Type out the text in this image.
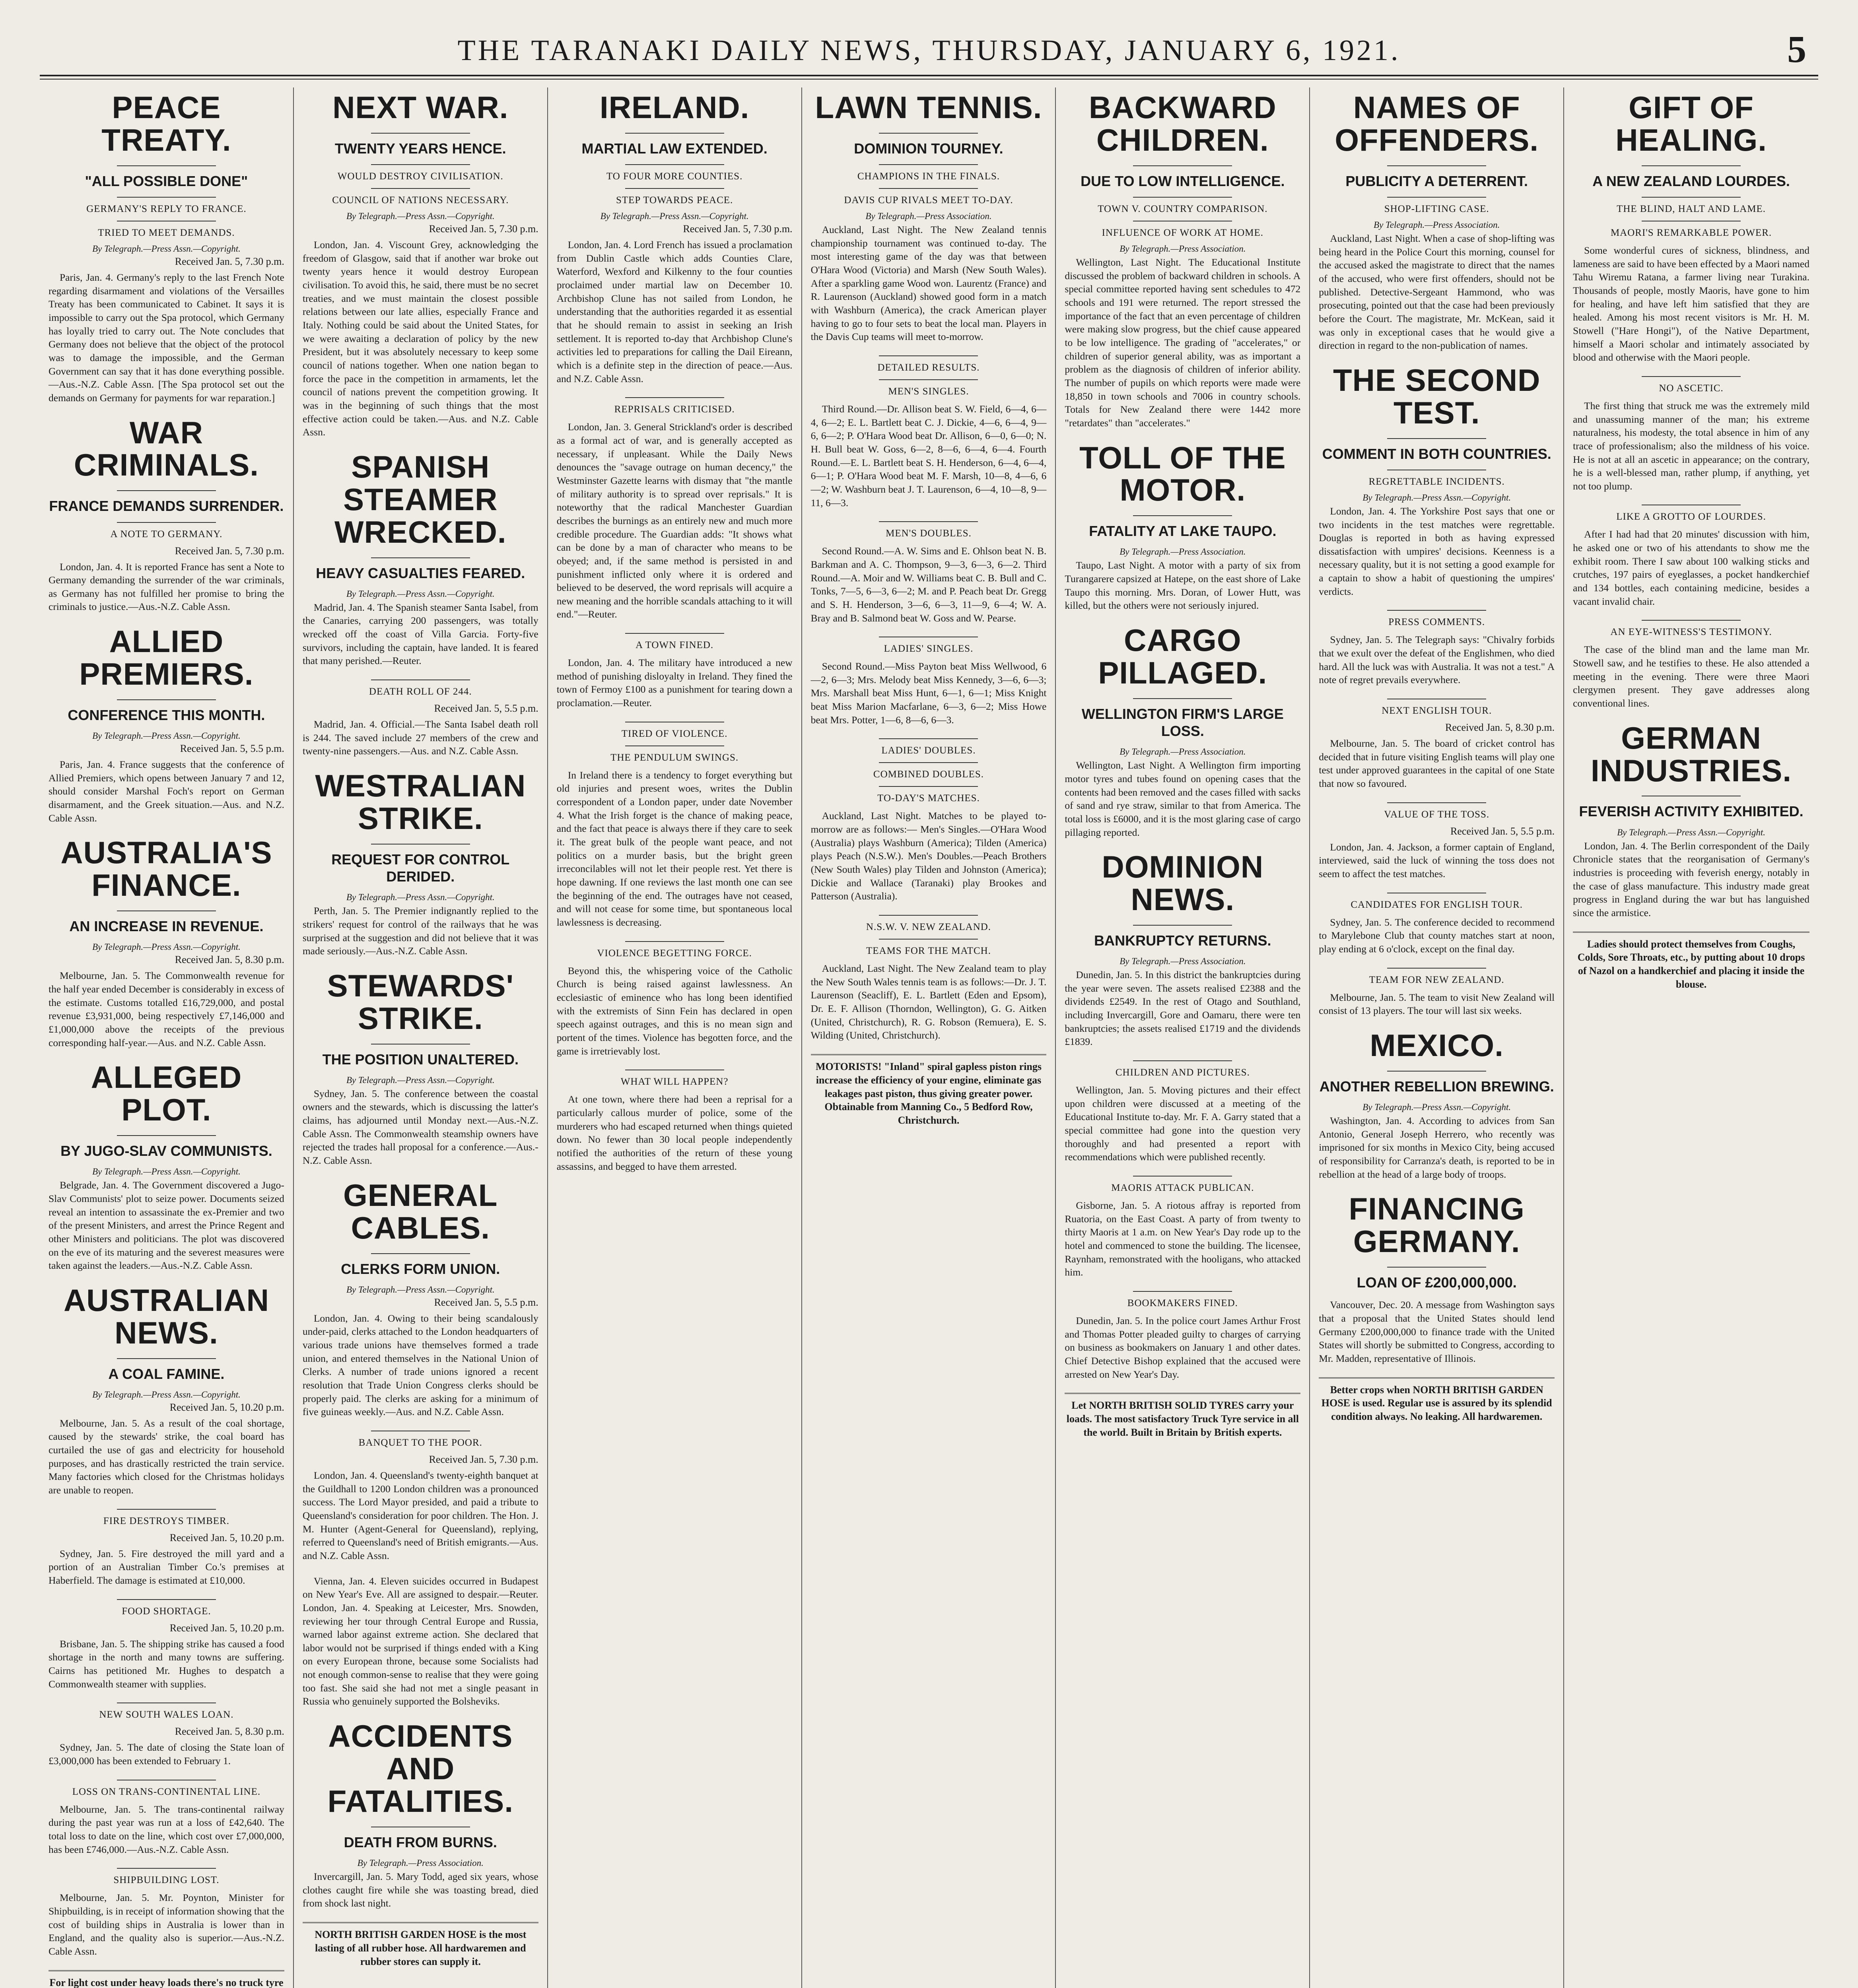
THE TARANAKI DAILY NEWS, THURSDAY, JANUARY 6, 1921.	5
PEACE TREATY.
"ALL POSSIBLE DONE"
GERMANY'S REPLY TO FRANCE.
TRIED TO MEET DEMANDS.
By Telegraph.—Press Assn.—Copyright.
Received Jan. 5, 7.30 p.m.
Paris, Jan. 4. Germany's reply to the last French Note regarding disarmament and violations of the Versailles Treaty has been communicated to Cabinet. It says it is impossible to carry out the Spa protocol, which Germany has loyally tried to carry out. The Note concludes that Germany does not believe that the object of the protocol was to damage the impossible, and the German Government can say that it has done everything possible.—Aus.-N.Z. Cable Assn. [The Spa protocol set out the demands on Germany for payments for war reparation.]
WAR CRIMINALS.
FRANCE DEMANDS SURRENDER.
A NOTE TO GERMANY.
Received Jan. 5, 7.30 p.m.
London, Jan. 4. It is reported France has sent a Note to Germany demanding the surrender of the war criminals, as Germany has not fulfilled her promise to bring the criminals to justice.—Aus.-N.Z. Cable Assn.
ALLIED PREMIERS.
CONFERENCE THIS MONTH.
By Telegraph.—Press Assn.—Copyright.
Received Jan. 5, 5.5 p.m.
Paris, Jan. 4. France suggests that the conference of Allied Premiers, which opens between January 7 and 12, should consider Marshal Foch's report on German disarmament, and the Greek situation.—Aus. and N.Z. Cable Assn.
AUSTRALIA'S FINANCE.
AN INCREASE IN REVENUE.
By Telegraph.—Press Assn.—Copyright.
Received Jan. 5, 8.30 p.m.
Melbourne, Jan. 5. The Commonwealth revenue for the half year ended December is considerably in excess of the estimate. Customs totalled £16,729,000, and postal revenue £3,931,000, being respectively £7,146,000 and £1,000,000 above the receipts of the previous corresponding half-year.—Aus. and N.Z. Cable Assn.
ALLEGED PLOT.
BY JUGO-SLAV COMMUNISTS.
By Telegraph.—Press Assn.—Copyright.
Belgrade, Jan. 4. The Government discovered a Jugo-Slav Communists' plot to seize power. Documents seized reveal an intention to assassinate the ex-Premier and two of the present Ministers, and arrest the Prince Regent and other Ministers and politicians. The plot was discovered on the eve of its maturing and the severest measures were taken against the leaders.—Aus.-N.Z. Cable Assn.
AUSTRALIAN NEWS.
A COAL FAMINE.
By Telegraph.—Press Assn.—Copyright.
Received Jan. 5, 10.20 p.m.
Melbourne, Jan. 5. As a result of the coal shortage, caused by the stewards' strike, the coal board has curtailed the use of gas and electricity for household purposes, and has drastically restricted the train service. Many factories which closed for the Christmas holidays are unable to reopen.
FIRE DESTROYS TIMBER.
Received Jan. 5, 10.20 p.m.
Sydney, Jan. 5. Fire destroyed the mill yard and a portion of an Australian Timber Co.'s premises at Haberfield. The damage is estimated at £10,000.
FOOD SHORTAGE.
Received Jan. 5, 10.20 p.m.
Brisbane, Jan. 5. The shipping strike has caused a food shortage in the north and many towns are suffering. Cairns has petitioned Mr. Hughes to despatch a Commonwealth steamer with supplies.
NEW SOUTH WALES LOAN.
Received Jan. 5, 8.30 p.m.
Sydney, Jan. 5. The date of closing the State loan of £3,000,000 has been extended to February 1.
LOSS ON TRANS-CONTINENTAL LINE.
Melbourne, Jan. 5. The trans-continental railway during the past year was run at a loss of £42,640. The total loss to date on the line, which cost over £7,000,000, has been £746,000.—Aus.-N.Z. Cable Assn.
SHIPBUILDING LOST.
Melbourne, Jan. 5. Mr. Poynton, Minister for Shipbuilding, is in receipt of information showing that the cost of building ships in Australia is lower than in England, and the quality also is superior.—Aus.-N.Z. Cable Assn.
For light cost under heavy loads there's no truck tyre
NEXT WAR.
TWENTY YEARS HENCE.
WOULD DESTROY CIVILISATION.
COUNCIL OF NATIONS NECESSARY.
By Telegraph.—Press Assn.—Copyright.
Received Jan. 5, 7.30 p.m.
London, Jan. 4. Viscount Grey, acknowledging the freedom of Glasgow, said that if another war broke out twenty years hence it would destroy European civilisation. To avoid this, he said, there must be no secret treaties, and we must maintain the closest possible relations between our late allies, especially France and Italy. Nothing could be said about the United States, for we were awaiting a declaration of policy by the new President, but it was absolutely necessary to keep some council of nations together. When one nation began to force the pace in the competition in armaments, let the council of nations prevent the competition growing. It was in the beginning of such things that the most effective action could be taken.—Aus. and N.Z. Cable Assn.
SPANISH STEAMER WRECKED.
HEAVY CASUALTIES FEARED.
By Telegraph.—Press Assn.—Copyright.
Madrid, Jan. 4. The Spanish steamer Santa Isabel, from the Canaries, carrying 200 passengers, was totally wrecked off the coast of Villa Garcia. Forty-five survivors, including the captain, have landed. It is feared that many perished.—Reuter.
DEATH ROLL OF 244.
Received Jan. 5, 5.5 p.m.
Madrid, Jan. 4. Official.—The Santa Isabel death roll is 244. The saved include 27 members of the crew and twenty-nine passengers.—Aus. and N.Z. Cable Assn.
WESTRALIAN STRIKE.
REQUEST FOR CONTROL DERIDED.
By Telegraph.—Press Assn.—Copyright.
Perth, Jan. 5. The Premier indignantly replied to the strikers' request for control of the railways that he was surprised at the suggestion and did not believe that it was made seriously.—Aus.-N.Z. Cable Assn.
STEWARDS' STRIKE.
THE POSITION UNALTERED.
By Telegraph.—Press Assn.—Copyright.
Sydney, Jan. 5. The conference between the coastal owners and the stewards, which is discussing the latter's claims, has adjourned until Monday next.—Aus.-N.Z. Cable Assn. The Commonwealth steamship owners have rejected the trades hall proposal for a conference.—Aus.-N.Z. Cable Assn.
GENERAL CABLES.
CLERKS FORM UNION.
By Telegraph.—Press Assn.—Copyright.
Received Jan. 5, 5.5 p.m.
London, Jan. 4. Owing to their being scandalously under-paid, clerks attached to the London headquarters of various trade unions have themselves formed a trade union, and entered themselves in the National Union of Clerks. A number of trade unions ignored a recent resolution that Trade Union Congress clerks should be properly paid. The clerks are asking for a minimum of five guineas weekly.—Aus. and N.Z. Cable Assn.
BANQUET TO THE POOR.
Received Jan. 5, 7.30 p.m.
London, Jan. 4. Queensland's twenty-eighth banquet at the Guildhall to 1200 London children was a pronounced success. The Lord Mayor presided, and paid a tribute to Queensland's consideration for poor children. The Hon. J. M. Hunter (Agent-General for Queensland), replying, referred to Queensland's need of British emigrants.—Aus. and N.Z. Cable Assn.
Vienna, Jan. 4. Eleven suicides occurred in Budapest on New Year's Eve. All are assigned to despair.—Reuter. London, Jan. 4. Speaking at Leicester, Mrs. Snowden, reviewing her tour through Central Europe and Russia, warned labor against extreme action. She declared that labor would not be surprised if things ended with a King on every European throne, because some Socialists had not enough common-sense to realise that they were going too fast. She said she had not met a single peasant in Russia who genuinely supported the Bolsheviks.
ACCIDENTS AND FATALITIES.
DEATH FROM BURNS.
By Telegraph.—Press Association.
Invercargill, Jan. 5. Mary Todd, aged six years, whose clothes caught fire while she was toasting bread, died from shock last night.
NORTH BRITISH GARDEN HOSE is the most lasting of all rubber hose. All hardwaremen and rubber stores can supply it.
IRELAND.
MARTIAL LAW EXTENDED.
TO FOUR MORE COUNTIES.
STEP TOWARDS PEACE.
By Telegraph.—Press Assn.—Copyright.
Received Jan. 5, 7.30 p.m.
London, Jan. 4. Lord French has issued a proclamation from Dublin Castle which adds Counties Clare, Waterford, Wexford and Kilkenny to the four counties proclaimed under martial law on December 10. Archbishop Clune has not sailed from London, he understanding that the authorities regarded it as essential that he should remain to assist in seeking an Irish settlement. It is reported to-day that Archbishop Clune's activities led to preparations for calling the Dail Eireann, which is a definite step in the direction of peace.—Aus. and N.Z. Cable Assn.
REPRISALS CRITICISED.
London, Jan. 3. General Strickland's order is described as a formal act of war, and is generally accepted as necessary, if unpleasant. While the Daily News denounces the "savage outrage on human decency," the Westminster Gazette learns with dismay that "the mantle of military authority is to spread over reprisals." It is noteworthy that the radical Manchester Guardian describes the burnings as an entirely new and much more credible procedure. The Guardian adds: "It shows what can be done by a man of character who means to be obeyed; and, if the same method is persisted in and punishment inflicted only where it is ordered and believed to be deserved, the word reprisals will acquire a new meaning and the horrible scandals attaching to it will end."—Reuter.
A TOWN FINED.
London, Jan. 4. The military have introduced a new method of punishing disloyalty in Ireland. They fined the town of Fermoy £100 as a punishment for tearing down a proclamation.—Reuter.
TIRED OF VIOLENCE.
THE PENDULUM SWINGS.
In Ireland there is a tendency to forget everything but old injuries and present woes, writes the Dublin correspondent of a London paper, under date November 4. What the Irish forget is the chance of making peace, and the fact that peace is always there if they care to seek it. The great bulk of the people want peace, and not politics on a murder basis, but the bright green irreconcilables will not let their people rest. Yet there is hope dawning. If one reviews the last month one can see the beginning of the end. The outrages have not ceased, and will not cease for some time, but spontaneous local lawlessness is decreasing.
VIOLENCE BEGETTING FORCE.
Beyond this, the whispering voice of the Catholic Church is being raised against lawlessness. An ecclesiastic of eminence who has long been identified with the extremists of Sinn Fein has declared in open speech against outrages, and this is no mean sign and portent of the times. Violence has begotten force, and the game is irretrievably lost.
WHAT WILL HAPPEN?
At one town, where there had been a reprisal for a particularly callous murder of police, some of the murderers who had escaped returned when things quieted down. No fewer than 30 local people independently notified the authorities of the return of these young assassins, and begged to have them arrested.
LAWN TENNIS.
DOMINION TOURNEY.
CHAMPIONS IN THE FINALS.
DAVIS CUP RIVALS MEET TO-DAY.
By Telegraph.—Press Association.
Auckland, Last Night. The New Zealand tennis championship tournament was continued to-day. The most interesting game of the day was that between O'Hara Wood (Victoria) and Marsh (New South Wales). After a sparkling game Wood won. Laurentz (France) and R. Laurenson (Auckland) showed good form in a match with Washburn (America), the crack American player having to go to four sets to beat the local man. Players in the Davis Cup teams will meet to-morrow.
DETAILED RESULTS.
MEN'S SINGLES.
Third Round.—Dr. Allison beat S. W. Field, 6—4, 6—4, 6—2; E. L. Bartlett beat C. J. Dickie, 4—6, 6—4, 9—6, 6—2; P. O'Hara Wood beat Dr. Allison, 6—0, 6—0; N. H. Bull beat W. Goss, 6—2, 8—6, 6—4, 6—4. Fourth Round.—E. L. Bartlett beat S. H. Henderson, 6—4, 6—4, 6—1; P. O'Hara Wood beat M. F. Marsh, 10—8, 4—6, 6—2; W. Washburn beat J. T. Laurenson, 6—4, 10—8, 9—11, 6—3.
MEN'S DOUBLES.
Second Round.—A. W. Sims and E. Ohlson beat N. B. Barkman and A. C. Thompson, 9—3, 6—3, 6—2. Third Round.—A. Moir and W. Williams beat C. B. Bull and C. Tonks, 7—5, 6—3, 6—2; M. and P. Peach beat Dr. Gregg and S. H. Henderson, 3—6, 6—3, 11—9, 6—4; W. A. Bray and B. Salmond beat W. Goss and W. Pearse.
LADIES' SINGLES.
Second Round.—Miss Payton beat Miss Wellwood, 6—2, 6—3; Mrs. Melody beat Miss Kennedy, 3—6, 6—3; Mrs. Marshall beat Miss Hunt, 6—1, 6—1; Miss Knight beat Miss Marion Macfarlane, 6—3, 6—2; Miss Howe beat Mrs. Potter, 1—6, 8—6, 6—3.
LADIES' DOUBLES.
COMBINED DOUBLES.
TO-DAY'S MATCHES.
Auckland, Last Night. Matches to be played to-morrow are as follows:— Men's Singles.—O'Hara Wood (Australia) plays Washburn (America); Tilden (America) plays Peach (N.S.W.). Men's Doubles.—Peach Brothers (New South Wales) play Tilden and Johnston (America); Dickie and Wallace (Taranaki) play Brookes and Patterson (Australia).
N.S.W. V. NEW ZEALAND.
TEAMS FOR THE MATCH.
Auckland, Last Night. The New Zealand team to play the New South Wales tennis team is as follows:—Dr. J. T. Laurenson (Seacliff), E. L. Bartlett (Eden and Epsom), Dr. E. F. Allison (Thorndon, Wellington), G. G. Aitken (United, Christchurch), R. G. Robson (Remuera), E. S. Wilding (United, Christchurch).
MOTORISTS! "Inland" spiral gapless piston rings increase the efficiency of your engine, eliminate gas leakages past piston, thus giving greater power. Obtainable from Manning Co., 5 Bedford Row, Christchurch.
BACKWARD CHILDREN.
DUE TO LOW INTELLIGENCE.
TOWN V. COUNTRY COMPARISON.
INFLUENCE OF WORK AT HOME.
By Telegraph.—Press Association.
Wellington, Last Night. The Educational Institute discussed the problem of backward children in schools. A special committee reported having sent schedules to 472 schools and 191 were returned. The report stressed the importance of the fact that an even percentage of children were making slow progress, but the chief cause appeared to be low intelligence. The grading of "accelerates," or children of superior general ability, was as important a problem as the diagnosis of children of inferior ability. The number of pupils on which reports were made were 18,850 in town schools and 7006 in country schools. Totals for New Zealand there were 1442 more "retardates" than "accelerates."
TOLL OF THE MOTOR.
FATALITY AT LAKE TAUPO.
By Telegraph.—Press Association.
Taupo, Last Night. A motor with a party of six from Turangarere capsized at Hatepe, on the east shore of Lake Taupo this morning. Mrs. Doran, of Lower Hutt, was killed, but the others were not seriously injured.
CARGO PILLAGED.
WELLINGTON FIRM'S LARGE LOSS.
By Telegraph.—Press Association.
Wellington, Last Night. A Wellington firm importing motor tyres and tubes found on opening cases that the contents had been removed and the cases filled with sacks of sand and rye straw, similar to that from America. The total loss is £6000, and it is the most glaring case of cargo pillaging reported.
DOMINION NEWS.
BANKRUPTCY RETURNS.
By Telegraph.—Press Association.
Dunedin, Jan. 5. In this district the bankruptcies during the year were seven. The assets realised £2388 and the dividends £2549. In the rest of Otago and Southland, including Invercargill, Gore and Oamaru, there were ten bankruptcies; the assets realised £1719 and the dividends £1839.
CHILDREN AND PICTURES.
Wellington, Jan. 5. Moving pictures and their effect upon children were discussed at a meeting of the Educational Institute to-day. Mr. F. A. Garry stated that a special committee had gone into the question very thoroughly and had presented a report with recommendations which were published recently.
MAORIS ATTACK PUBLICAN.
Gisborne, Jan. 5. A riotous affray is reported from Ruatoria, on the East Coast. A party of from twenty to thirty Maoris at 1 a.m. on New Year's Day rode up to the hotel and commenced to stone the building. The licensee, Raynham, remonstrated with the hooligans, who attacked him.
BOOKMAKERS FINED.
Dunedin, Jan. 5. In the police court James Arthur Frost and Thomas Potter pleaded guilty to charges of carrying on business as bookmakers on January 1 and other dates. Chief Detective Bishop explained that the accused were arrested on New Year's Day.
Let NORTH BRITISH SOLID TYRES carry your loads. The most satisfactory Truck Tyre service in all the world. Built in Britain by British experts.
NAMES OF OFFENDERS.
PUBLICITY A DETERRENT.
SHOP-LIFTING CASE.
By Telegraph.—Press Association.
Auckland, Last Night. When a case of shop-lifting was being heard in the Police Court this morning, counsel for the accused asked the magistrate to direct that the names of the accused, who were first offenders, should not be published. Detective-Sergeant Hammond, who was prosecuting, pointed out that the case had been previously before the Court. The magistrate, Mr. McKean, said it was only in exceptional cases that he would give a direction in regard to the non-publication of names.
THE SECOND TEST.
COMMENT IN BOTH COUNTRIES.
REGRETTABLE INCIDENTS.
By Telegraph.—Press Assn.—Copyright.
London, Jan. 4. The Yorkshire Post says that one or two incidents in the test matches were regrettable. Douglas is reported in both as having expressed dissatisfaction with umpires' decisions. Keenness is a necessary quality, but it is not setting a good example for a captain to show a habit of questioning the umpires' verdicts.
PRESS COMMENTS.
Sydney, Jan. 5. The Telegraph says: "Chivalry forbids that we exult over the defeat of the Englishmen, who died hard. All the luck was with Australia. It was not a test." A note of regret prevails everywhere.
NEXT ENGLISH TOUR.
Received Jan. 5, 8.30 p.m.
Melbourne, Jan. 5. The board of cricket control has decided that in future visiting English teams will play one test under approved guarantees in the capital of one State that now so favoured.
VALUE OF THE TOSS.
Received Jan. 5, 5.5 p.m.
London, Jan. 4. Jackson, a former captain of England, interviewed, said the luck of winning the toss does not seem to affect the test matches.
CANDIDATES FOR ENGLISH TOUR.
Sydney, Jan. 5. The conference decided to recommend to Marylebone Club that county matches start at noon, play ending at 6 o'clock, except on the final day.
TEAM FOR NEW ZEALAND.
Melbourne, Jan. 5. The team to visit New Zealand will consist of 13 players. The tour will last six weeks.
MEXICO.
ANOTHER REBELLION BREWING.
By Telegraph.—Press Assn.—Copyright.
Washington, Jan. 4. According to advices from San Antonio, General Joseph Herrero, who recently was imprisoned for six months in Mexico City, being accused of responsibility for Carranza's death, is reported to be in rebellion at the head of a large body of troops.
FINANCING GERMANY.
LOAN OF £200,000,000.
Vancouver, Dec. 20. A message from Washington says that a proposal that the United States should lend Germany £200,000,000 to finance trade with the United States will shortly be submitted to Congress, according to Mr. Madden, representative of Illinois.
Better crops when NORTH BRITISH GARDEN HOSE is used. Regular use is assured by its splendid condition always. No leaking. All hardwaremen.
GIFT OF HEALING.
A NEW ZEALAND LOURDES.
THE BLIND, HALT AND LAME.
MAORI'S REMARKABLE POWER.
Some wonderful cures of sickness, blindness, and lameness are said to have been effected by a Maori named Tahu Wiremu Ratana, a farmer living near Turakina. Thousands of people, mostly Maoris, have gone to him for healing, and have left him satisfied that they are healed. Among his most recent visitors is Mr. H. M. Stowell ("Hare Hongi"), of the Native Department, himself a Maori scholar and intimately associated by blood and otherwise with the Maori people.
NO ASCETIC.
The first thing that struck me was the extremely mild and unassuming manner of the man; his extreme naturalness, his modesty, the total absence in him of any trace of professionalism; also the mildness of his voice. He is not at all an ascetic in appearance; on the contrary, he is a well-blessed man, rather plump, if anything, yet not too plump.
LIKE A GROTTO OF LOURDES.
After I had had that 20 minutes' discussion with him, he asked one or two of his attendants to show me the exhibit room. There I saw about 100 walking sticks and crutches, 197 pairs of eyeglasses, a pocket handkerchief and 134 bottles, each containing medicine, besides a vacant invalid chair.
AN EYE-WITNESS'S TESTIMONY.
The case of the blind man and the lame man Mr. Stowell saw, and he testifies to these. He also attended a meeting in the evening. There were three Maori clergymen present. They gave addresses along conventional lines.
GERMAN INDUSTRIES.
FEVERISH ACTIVITY EXHIBITED.
By Telegraph.—Press Assn.—Copyright.
London, Jan. 4. The Berlin correspondent of the Daily Chronicle states that the reorganisation of Germany's industries is proceeding with feverish energy, notably in the case of glass manufacture. This industry made great progress in England during the war but has languished since the armistice.
Ladies should protect themselves from Coughs, Colds, Sore Throats, etc., by putting about 10 drops of Nazol on a handkerchief and placing it inside the blouse.
